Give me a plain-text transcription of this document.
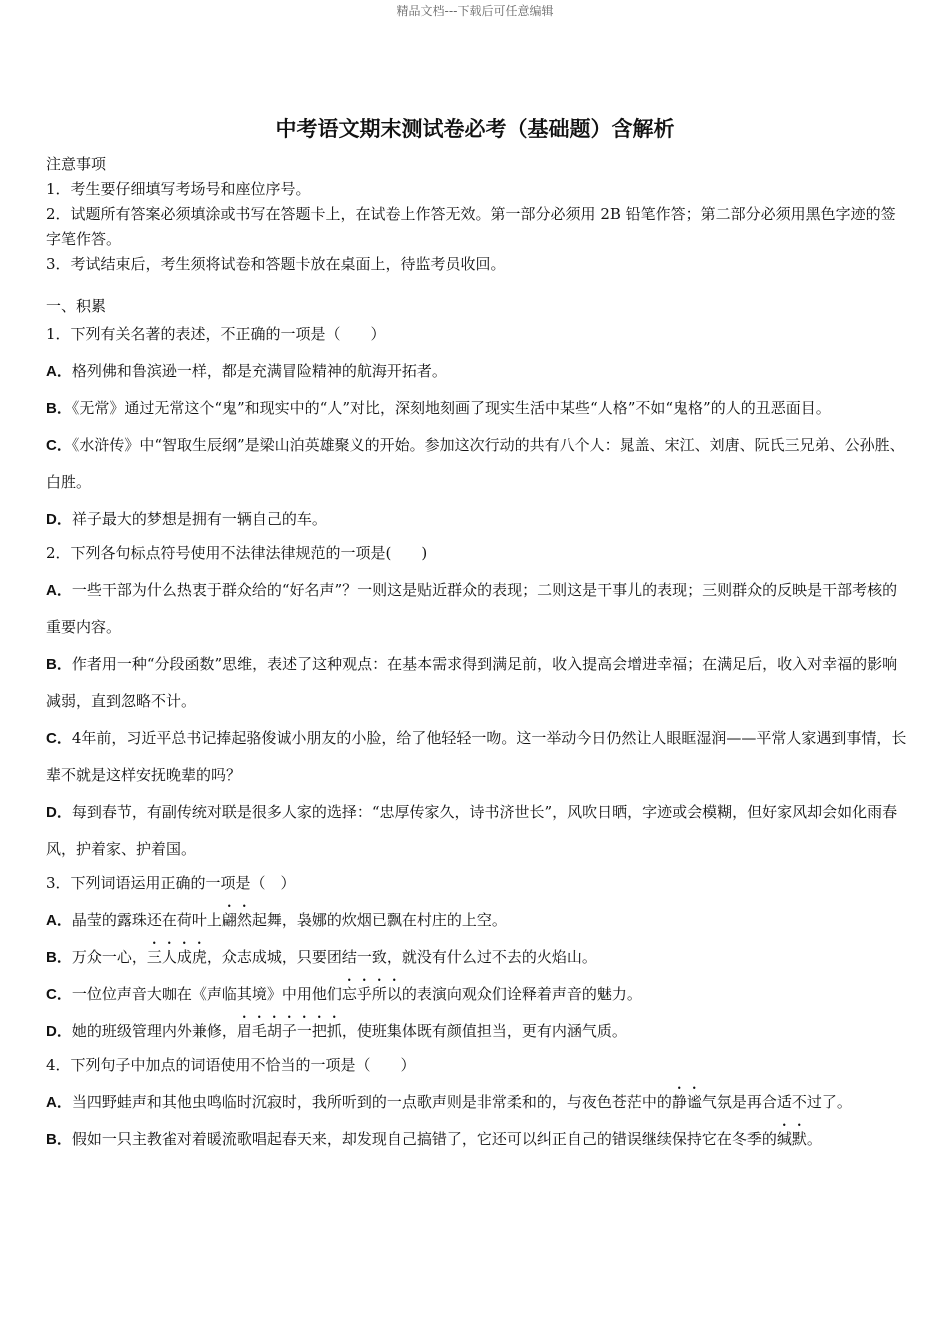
精品文档---下载后可任意编辑
中考语文期末测试卷必考（基础题）含解析
注意事项
1．考生要仔细填写考场号和座位序号。
2．试题所有答案必须填涂或书写在答题卡上，在试卷上作答无效。第一部分必须用 2B 铅笔作答；第二部分必须用黑色字迹的签字笔作答。
3．考试结束后，考生须将试卷和答题卡放在桌面上，待监考员收回。
一、积累
1．下列有关名著的表述，不正确的一项是（　　）
A．格列佛和鲁滨逊一样，都是充满冒险精神的航海开拓者。
B．《无常》通过无常这个“鬼”和现实中的“人”对比，深刻地刻画了现实生活中某些“人格”不如“鬼格”的人的丑恶面目。
C．《水浒传》中“智取生辰纲”是梁山泊英雄聚义的开始。参加这次行动的共有八个人：晁盖、宋江、刘唐、阮氏三兄弟、公孙胜、白胜。
D．祥子最大的梦想是拥有一辆自己的车。
2．下列各句标点符号使用不法律法律规范的一项是(　　)
A．一些干部为什么热衷于群众给的“好名声”？一则这是贴近群众的表现；二则这是干事儿的表现；三则群众的反映是干部考核的重要内容。
B．作者用一种“分段函数”思维，表述了这种观点：在基本需求得到满足前，收入提高会增进幸福；在满足后，收入对幸福的影响减弱，直到忽略不计。
C．4年前，习近平总书记捧起骆俊诚小朋友的小脸，给了他轻轻一吻。这一举动今日仍然让人眼眶湿润——平常人家遇到事情，长辈不就是这样安抚晚辈的吗？
D．每到春节，有副传统对联是很多人家的选择：“忠厚传家久，诗书济世长”，风吹日晒，字迹或会模糊，但好家风却会如化雨春风，护着家、护着国。
3．下列词语运用正确的一项是（　）
A．晶莹的露珠还在荷叶上翩然起舞，袅娜的炊烟已飘在村庄的上空。
B．万众一心，三人成虎，众志成城，只要团结一致，就没有什么过不去的火焰山。
C．一位位声音大咖在《声临其境》中用他们忘乎所以的表演向观众们诠释着声音的魅力。
D．她的班级管理内外兼修，眉毛胡子一把抓，使班集体既有颜值担当，更有内涵气质。
4．下列句子中加点的词语使用不恰当的一项是（　　）
A．当四野蛙声和其他虫鸣临时沉寂时，我所听到的一点歌声则是非常柔和的，与夜色苍茫中的静谧气氛是再合适不过了。
B．假如一只主教雀对着暖流歌唱起春天来，却发现自己搞错了，它还可以纠正自己的错误继续保持它在冬季的缄默。
